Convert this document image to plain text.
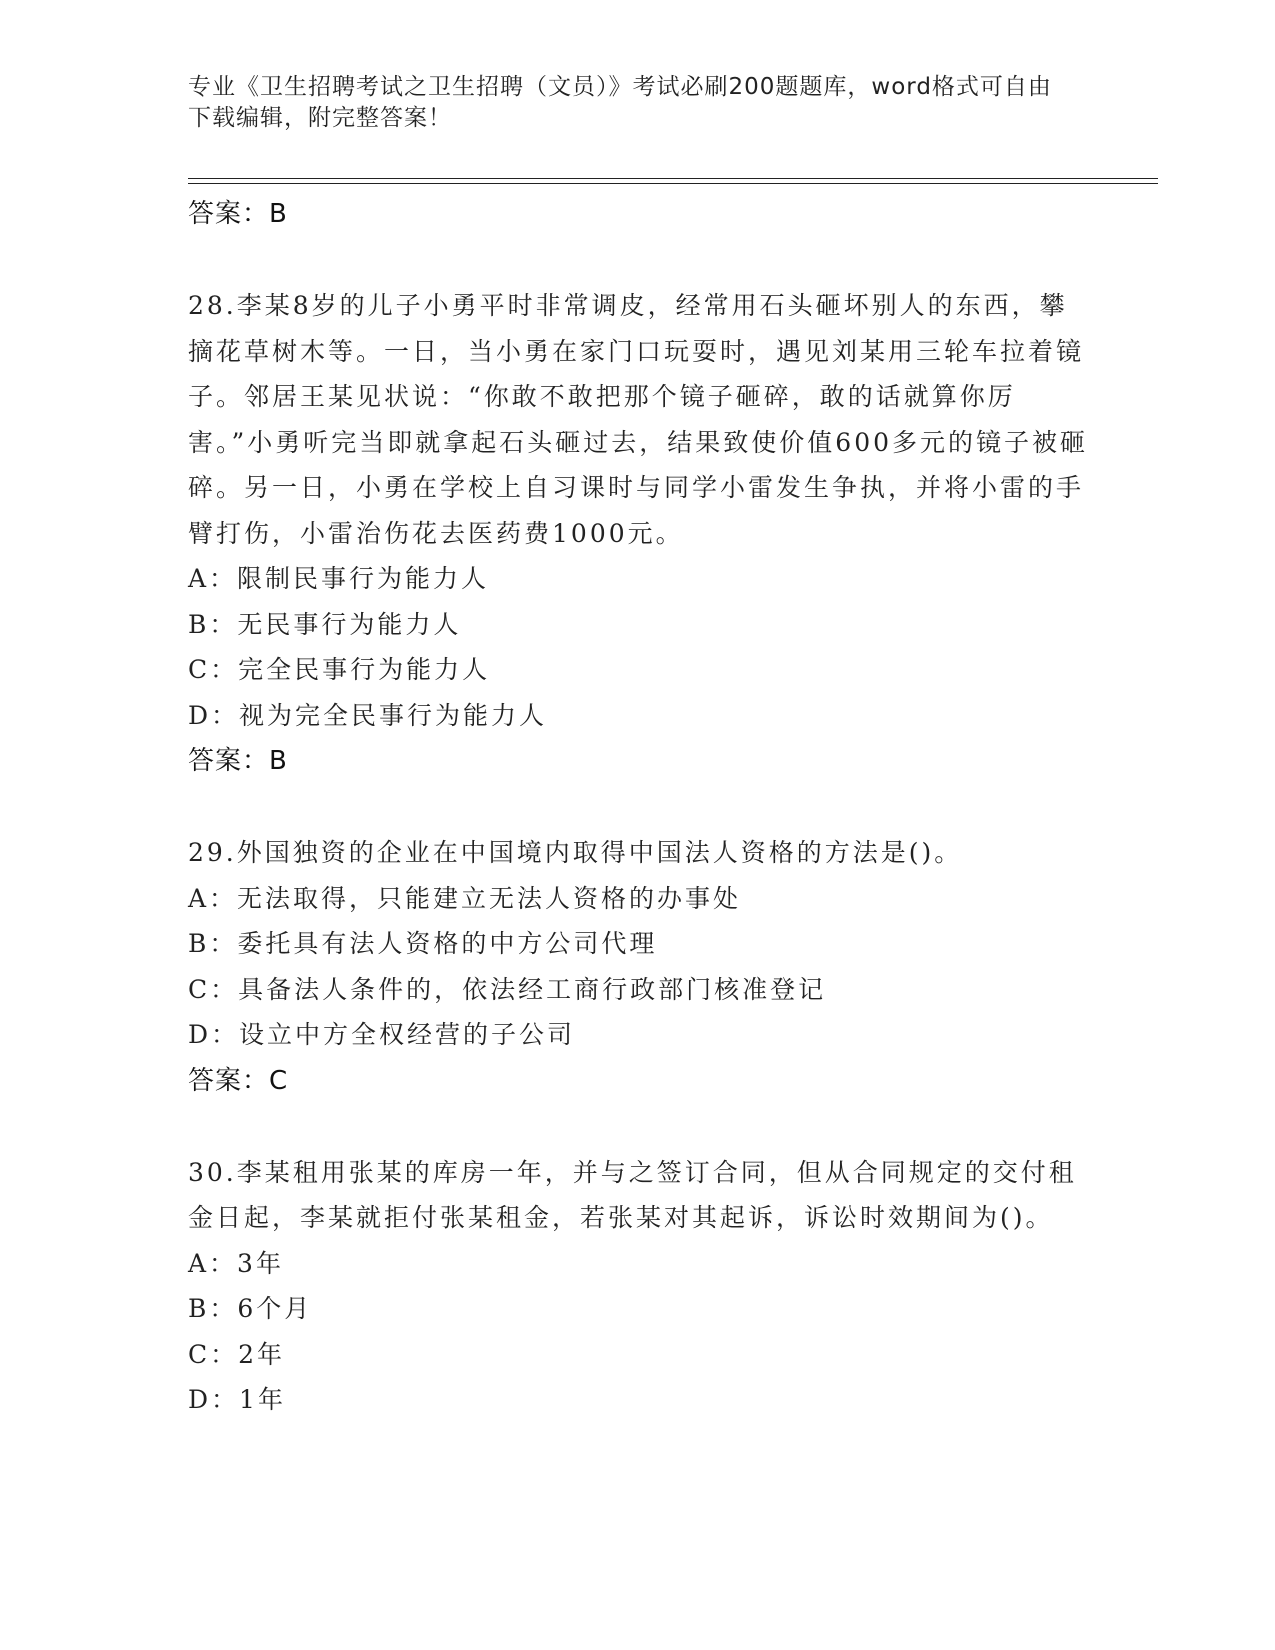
专业《卫生招聘考试之卫生招聘（文员）》考试必刷200题题库，word格式可自由下载编辑，附完整答案！
答案：B
28.李某8岁的儿子小勇平时非常调皮，经常用石头砸坏别人的东西，攀摘花草树木等。一日，当小勇在家门口玩耍时，遇见刘某用三轮车拉着镜子。邻居王某见状说：“你敢不敢把那个镜子砸碎，敢的话就算你厉害。”小勇听完当即就拿起石头砸过去，结果致使价值600多元的镜子被砸碎。另一日，小勇在学校上自习课时与同学小雷发生争执，并将小雷的手臂打伤，小雷治伤花去医药费1000元。
A：限制民事行为能力人
B：无民事行为能力人
C：完全民事行为能力人
D：视为完全民事行为能力人
答案：B
29.外国独资的企业在中国境内取得中国法人资格的方法是()。
A：无法取得，只能建立无法人资格的办事处
B：委托具有法人资格的中方公司代理
C：具备法人条件的，依法经工商行政部门核准登记
D：设立中方全权经营的子公司
答案：C
30.李某租用张某的库房一年，并与之签订合同，但从合同规定的交付租金日起，李某就拒付张某租金，若张某对其起诉，诉讼时效期间为()。
A：3年
B：6个月
C：2年
D：1年
